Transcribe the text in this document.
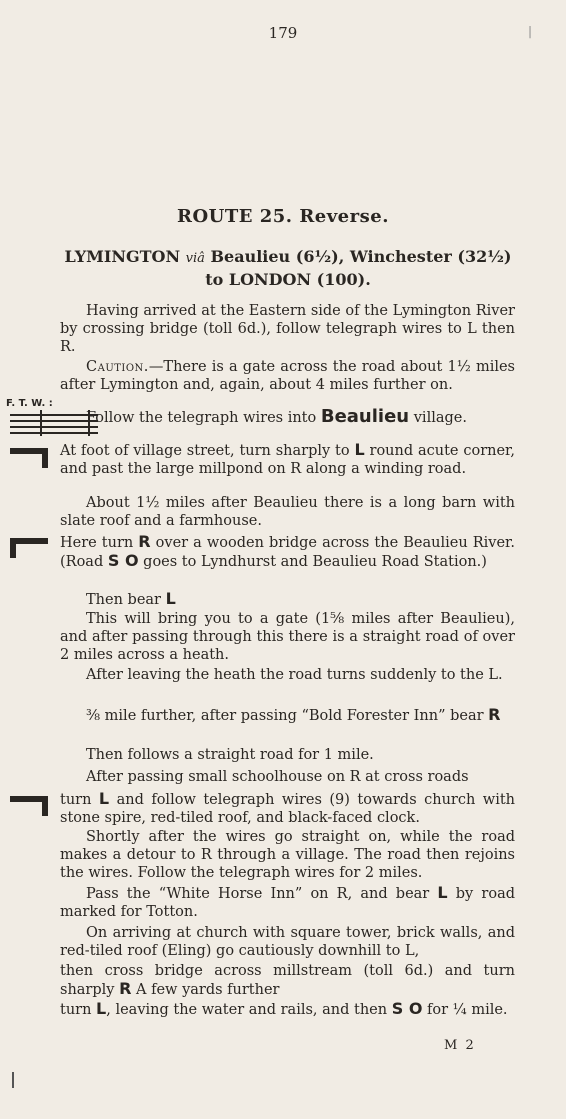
179	|
ROUTE 25. Reverse.
LYMINGTON viâ Beaulieu (6½), Winchester (32½)
to LONDON (100).
Having arrived at the Eastern side of the Lymington River by crossing bridge (toll 6d.), follow telegraph wires to L then R.
Caution.—There is a gate across the road about 1½ miles after Lymington and, again, about 4 miles further on.
F. T. W. :
Follow the telegraph wires into Beaulieu village.
At foot of village street, turn sharply to L round acute corner, and past the large millpond on R along a winding road.
About 1½ miles after Beaulieu there is a long barn with slate roof and a farmhouse.
Here turn R over a wooden bridge across the Beaulieu River. (Road S O goes to Lyndhurst and Beaulieu Road Station.)
Then bear L
This will bring you to a gate (1⅝ miles after Beaulieu), and after passing through this there is a straight road of over 2 miles across a heath.
After leaving the heath the road turns suddenly to the L.
⅜ mile further, after passing “Bold Forester Inn” bear R
Then follows a straight road for 1 mile.
After passing small schoolhouse on R at cross roads
turn L and follow telegraph wires (9) towards church with stone spire, red-tiled roof, and black-faced clock.
Shortly after the wires go straight on, while the road makes a detour to R through a village. The road then rejoins the wires. Follow the telegraph wires for 2 miles.
Pass the “White Horse Inn” on R, and bear L by road marked for Totton.
On arriving at church with square tower, brick walls, and red-tiled roof (Eling) go cautiously downhill to L,
then cross bridge across millstream (toll 6d.) and turn sharply R A few yards further
turn L, leaving the water and rails, and then S O for ¼ mile.
M 2
